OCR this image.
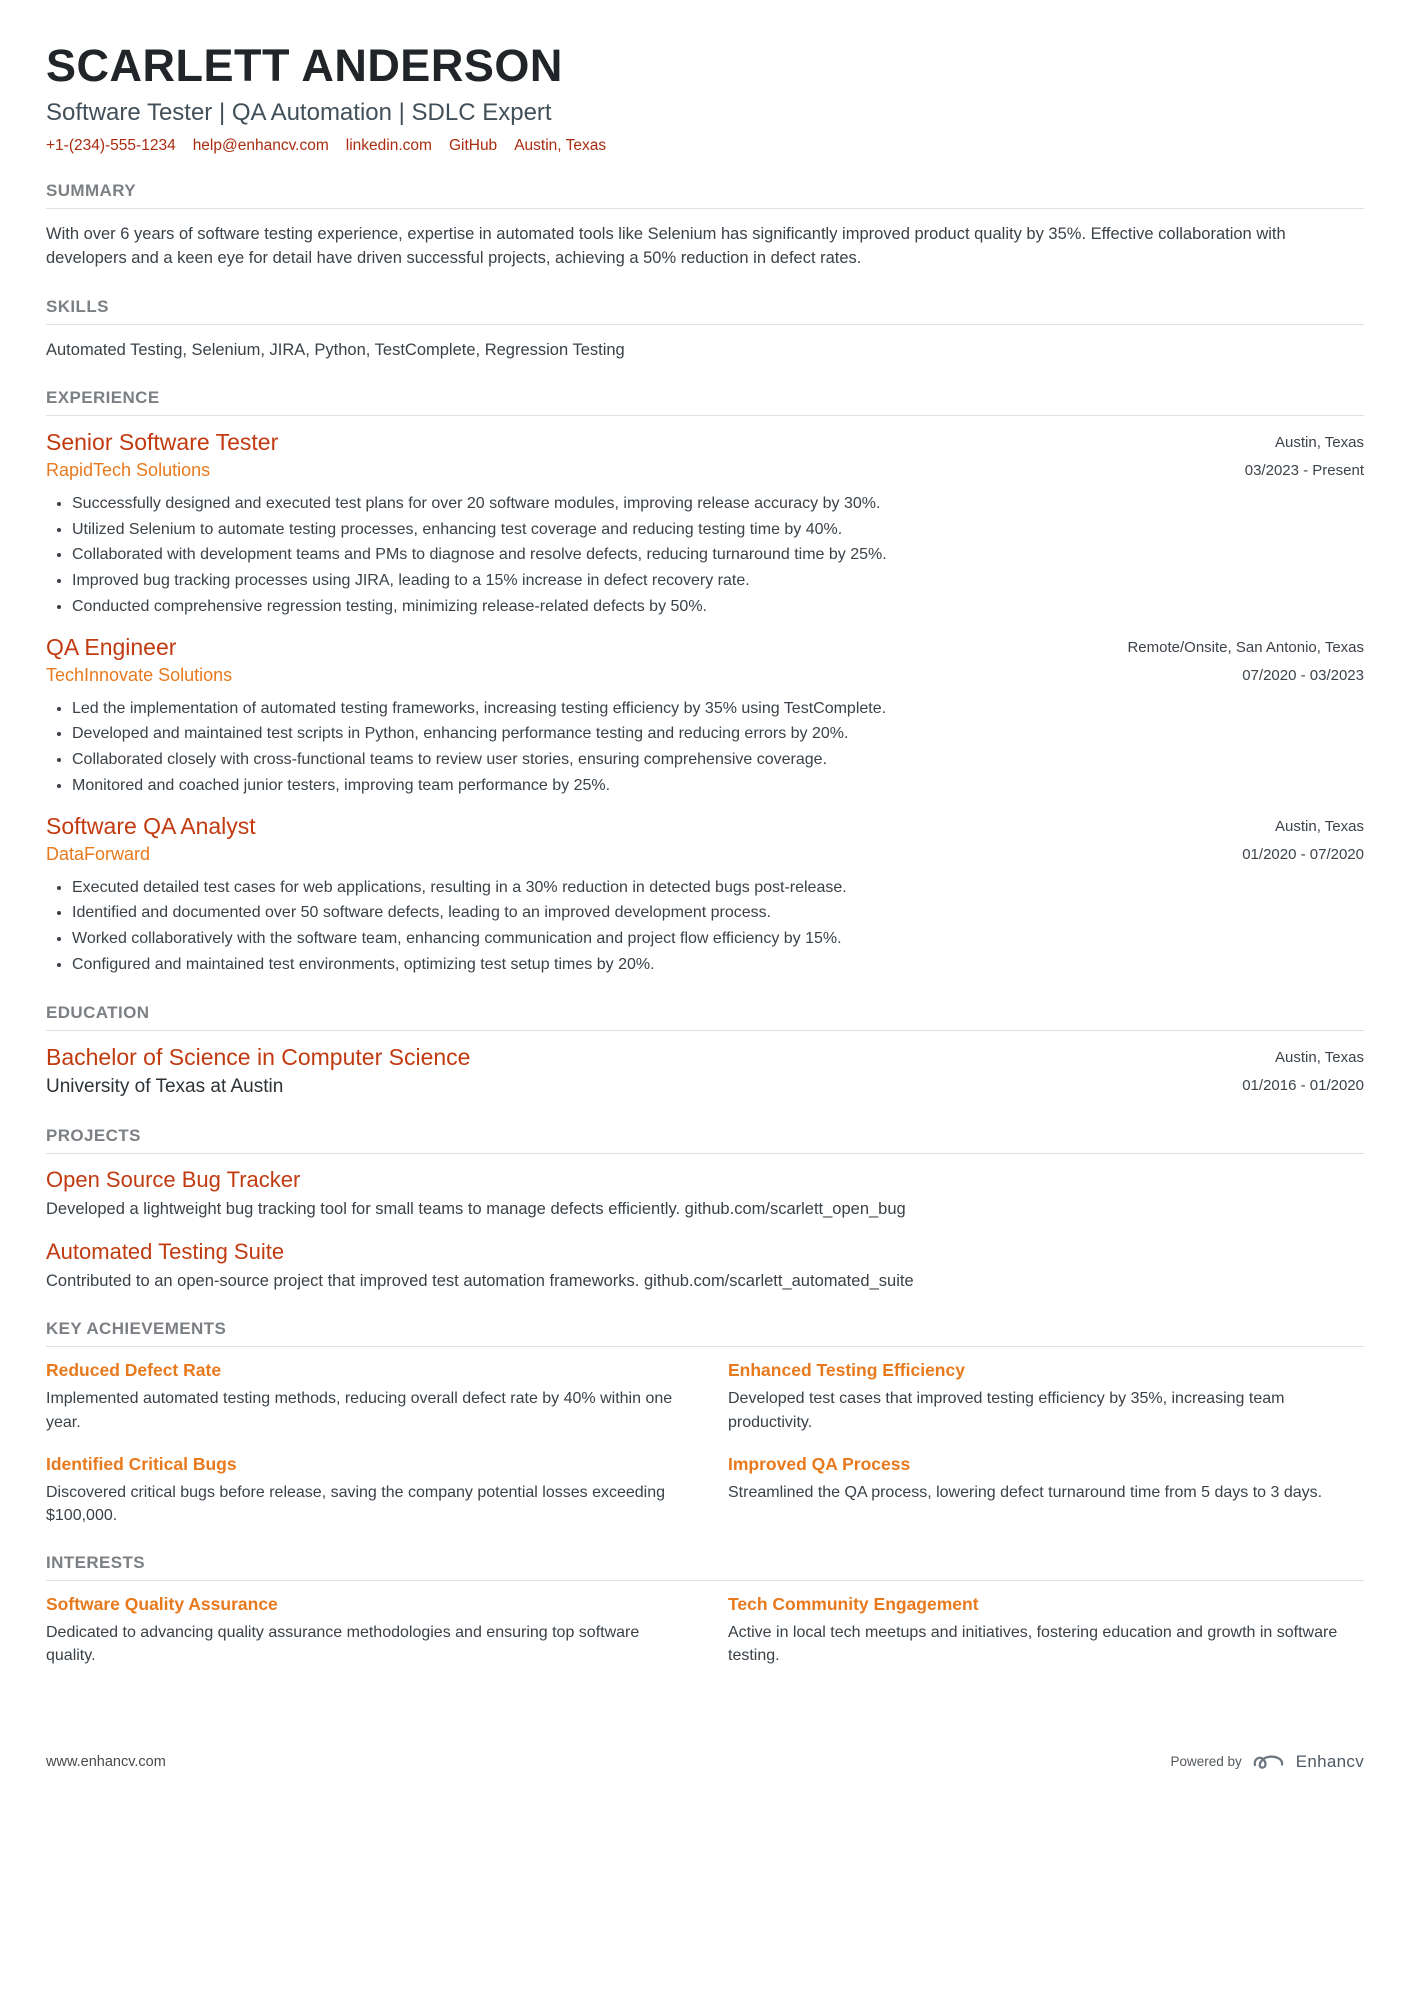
SCARLETT ANDERSON
Software Tester | QA Automation | SDLC Expert
+1-(234)-555-1234 help@enhancv.com linkedin.com GitHub Austin, Texas
SUMMARY
With over 6 years of software testing experience, expertise in automated tools like Selenium has significantly improved product quality by 35%. Effective collaboration with developers and a keen eye for detail have driven successful projects, achieving a 50% reduction in defect rates.
SKILLS
Automated Testing, Selenium, JIRA, Python, TestComplete, Regression Testing
EXPERIENCE
Senior Software Tester
RapidTech Solutions
Austin, Texas
03/2023 - Present
• Successfully designed and executed test plans for over 20 software modules, improving release accuracy by 30%.
• Utilized Selenium to automate testing processes, enhancing test coverage and reducing testing time by 40%.
• Collaborated with development teams and PMs to diagnose and resolve defects, reducing turnaround time by 25%.
• Improved bug tracking processes using JIRA, leading to a 15% increase in defect recovery rate.
• Conducted comprehensive regression testing, minimizing release-related defects by 50%.
QA Engineer
TechInnovate Solutions
Remote/Onsite, San Antonio, Texas
07/2020 - 03/2023
• Led the implementation of automated testing frameworks, increasing testing efficiency by 35% using TestComplete.
• Developed and maintained test scripts in Python, enhancing performance testing and reducing errors by 20%.
• Collaborated closely with cross-functional teams to review user stories, ensuring comprehensive coverage.
• Monitored and coached junior testers, improving team performance by 25%.
Software QA Analyst
DataForward
Austin, Texas
01/2020 - 07/2020
• Executed detailed test cases for web applications, resulting in a 30% reduction in detected bugs post-release.
• Identified and documented over 50 software defects, leading to an improved development process.
• Worked collaboratively with the software team, enhancing communication and project flow efficiency by 15%.
• Configured and maintained test environments, optimizing test setup times by 20%.
EDUCATION
Bachelor of Science in Computer Science
University of Texas at Austin
Austin, Texas
01/2016 - 01/2020
PROJECTS
Open Source Bug Tracker
Developed a lightweight bug tracking tool for small teams to manage defects efficiently. github.com/scarlett_open_bug
Automated Testing Suite
Contributed to an open-source project that improved test automation frameworks. github.com/scarlett_automated_suite
KEY ACHIEVEMENTS
Reduced Defect Rate
Implemented automated testing methods, reducing overall defect rate by 40% within one year.
Enhanced Testing Efficiency
Developed test cases that improved testing efficiency by 35%, increasing team productivity.
Identified Critical Bugs
Discovered critical bugs before release, saving the company potential losses exceeding $100,000.
Improved QA Process
Streamlined the QA process, lowering defect turnaround time from 5 days to 3 days.
INTERESTS
Software Quality Assurance
Dedicated to advancing quality assurance methodologies and ensuring top software quality.
Tech Community Engagement
Active in local tech meetups and initiatives, fostering education and growth in software testing.
www.enhancv.com	Powered by	Enhancv
